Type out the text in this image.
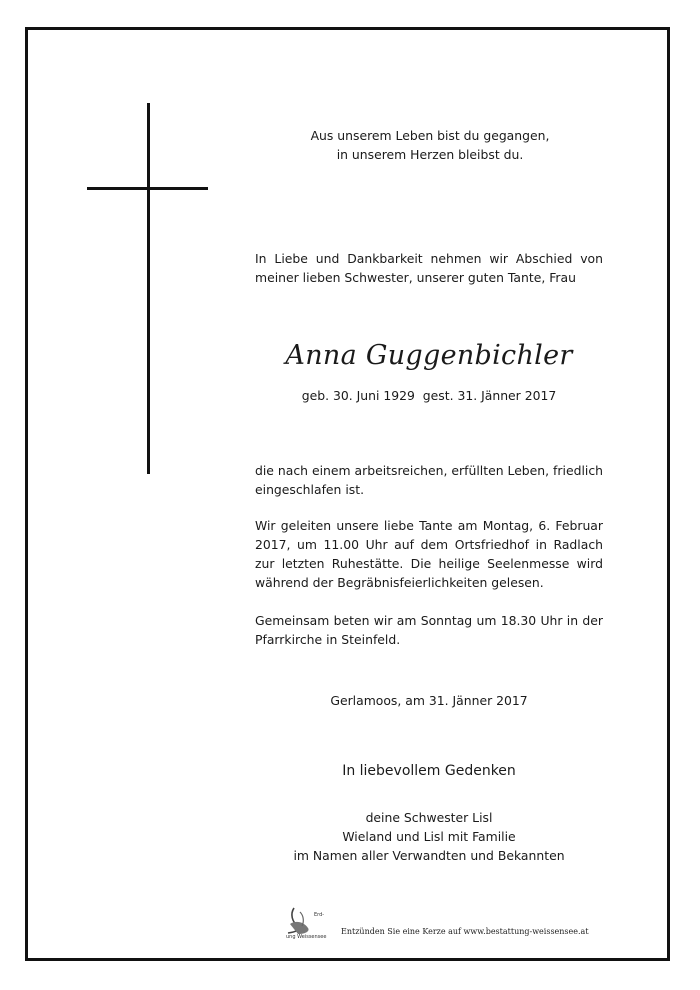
Aus unserem Leben bist du gegangen,
in unserem Herzen bleibst du.
In Liebe und Dankbarkeit nehmen wir Abschied von meiner lieben Schwester, unserer guten Tante, Frau
Anna Guggenbichler
geb. 30. Juni 1929 gest. 31. Jänner 2017
die nach einem arbeitsreichen, erfüllten Leben, friedlich eingeschlafen ist.
Wir geleiten unsere liebe Tante am Montag, 6. Februar 2017, um 11.00 Uhr auf dem Ortsfriedhof in Radlach zur letzten Ruhestätte. Die heilige Seelenmesse wird während der Begräbnisfeierlichkeiten gelesen.
Gemeinsam beten wir am Sonntag um 18.30 Uhr in der Pfarrkirche in Steinfeld.
Gerlamoos, am 31. Jänner 2017
In liebevollem Gedenken
deine Schwester Lisl
Wieland und Lisl mit Familie
im Namen aller Verwandten und Bekannten
Erd-
ung Weissensee
Entzünden Sie eine Kerze auf www.bestattung-weissensee.at
